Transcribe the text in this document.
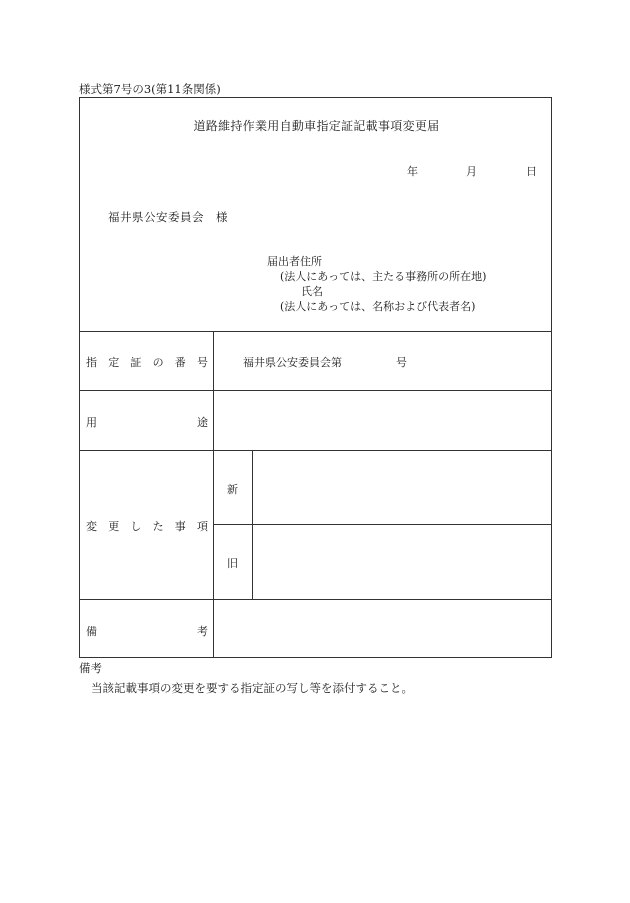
様式第7号の3(第11条関係)
道路維持作業用自動車指定証記載事項変更届
年	月	日
福井県公安委員会　様
届出者住所
(法人にあっては、主たる事務所の所在地)
氏名
(法人にあっては、名称および代表者名)
指 定 証 の 番 号	福井県公安委員会第	号
用	途
変 更 し た 事 項
新
旧
備	考
備考
当該記載事項の変更を要する指定証の写し等を添付すること。
